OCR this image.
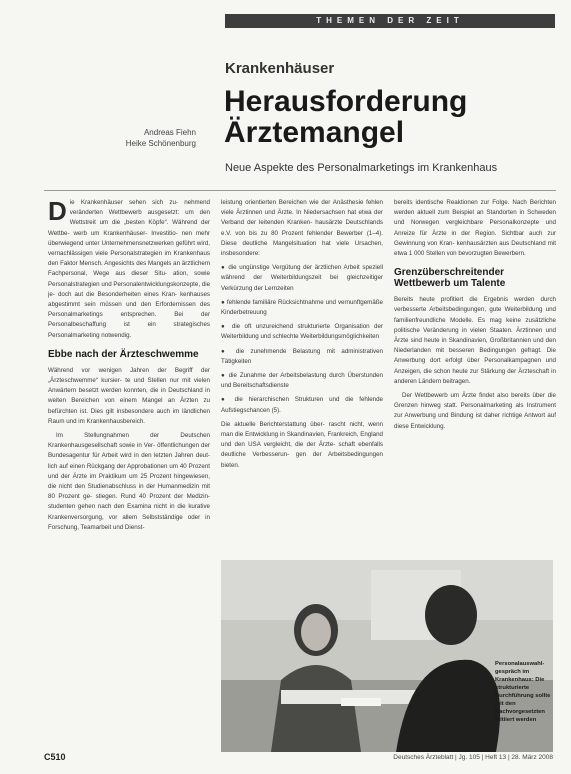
THEMEN DER ZEIT
Krankenhäuser
Herausforderung
Ärztemangel
Andreas Fiehn
Heike Schönenburg
Neue Aspekte des Personalmarketings im Krankenhaus

Die Krankenhäuser sehen sich zu- nehmend veränderten Wettbewerb ausgesetzt: um den Wettstreit um die „besten Köpfe“. Während der Wettbe- werb um Krankenhäuser- Investitio- nen mehr überwiegend unter Unternehmensnetzwerken geführt wird, vernachlässigen viele Personalstrategien im Krankenhaus den Faktor Mensch. Angesichts des Mangels an ärztlichem Fachpersonal, Wege aus dieser Situ- ation, sowie Personalstrategien und Personalentwicklungskonzepte, die je- doch aut die Besonderheiten eines Kran- kenhauses abgestimmt sein müssen und den Erfordernissen des Personalmarketings entsprechen. Bei der Personalbeschaffung ist ein strategisches Personalmarketing notwendig.

Ebbe nach der Ärzteschwemme

Während vor wenigen Jahren der Begriff der „Ärzteschwemme“ kursier- te und Stellen nur mit vielen Anwärtern besetzt werden konnten, die in Deutschland in weiten Bereichen von einem Mangel an Ärzten zu befürchten ist. Dies gilt insbesondere auch im ländlichen Raum und im Krankenhausbereich.

Im Stellungnahmen der Deutschen Krankenhausgesellschaft sowie in Ver- öffentlichungen der Bundesagentur für Arbeit wird in den letzten Jahren deut- lich auf einen Rückgang der Approbationen um 40 Prozent und der Ärzte im Praktikum um 25 Prozent hingewiesen, die nicht den Studienabschluss in der Humanmedizin mit 80 Prozent ge- stiegen. Rund 40 Prozent der Medizin- studenten gehen nach den Examina nicht in die kurative Krankenversorgung, vor allem Selbstständige oder in Forschung, Teamarbeit und Dienst-

leistung orientierten Bereichen wie der Anästhesie fehlen viele Ärztinnen und Ärzte. In Niedersachsen hat etwa der Verband der leitenden Kranken- hausärzte Deutschlands e.V. von bis zu 80 Prozent fehlender Bewerber (1–4). Diese deutliche Mangelsituation hat viele Ursachen, insbesondere:

● die ungünstige Vergütung der ärztlichen Arbeit speziell während der Weiterbildungszeit bei gleichzeitiger Verkürzung der Lernzeiten

● fehlende familiäre Rücksichtnahme und vernunftgemäße Kinderbetreuung

● die oft unzureichend strukturierte Organisation der Weiterbildung und schlechte Weiterbildungsmöglichkeiten

● die zunehmende Belastung mit administrativen Tätigkeiten

● die Zunahme der Arbeitsbelastung durch Überstunden und Bereitschaftsdienste

● die hierarchischen Strukturen und die fehlende Aufstiegschancen (5).

Die aktuelle Berichterstattung über- rascht nicht, wenn man die Entwicklung in Skandinavien, Frankreich, England und den USA vergleicht, die der Ärzte- schaft ebenfalls deutliche Verbesserun- gen der Arbeitsbedingungen bieten.

bereits identische Reaktionen zur Folge. Nach Berichten werden aktuell zum Beispiel an Standorten in Schweden und Norwegen vergleichbare Personalkonzepte und Anreize für Ärzte in der Region. Sichtbar auch zur Gewinnung von Kran- kenhausärzten aus Deutschland mit etwa 1 000 Stellen von bevorzugten Bewerbern.

Grenzüberschreitender Wettbewerb um Talente

Bereits heute profitiert die Ergebnis werden durch verbesserte Arbeitsbedingungen, gute Weiterbildung und familienfreundliche Modelle. Es mag keine zusätzliche politische Veränderung in vielen Staaten. Ärztinnen und Ärzte sind heute in Skandinavien, Großbritannien und den Niederlanden mit besseren Bedingungen gefragt. Die Anwerbung dort erfolgt über Personalkampagnen und Anzeigen, die schon heute zur Stärkung der Ärzteschaft in anderen Ländern beitragen.

Der Wettbewerb um Ärzte findet also bereits über die Grenzen hinweg statt. Personalmarketing als Instrument zur Anwerbung und Bindung ist daher richtige Antwort auf diese Entwicklung.

Personalauswahl- gespräch im Krankenhaus: Die strukturierte Durchführung sollte mit den Kachvorgesetzten initiiert werden
C510	Deutsches Ärzteblatt | Jg. 105 | Heft 13 | 28. März 2008
